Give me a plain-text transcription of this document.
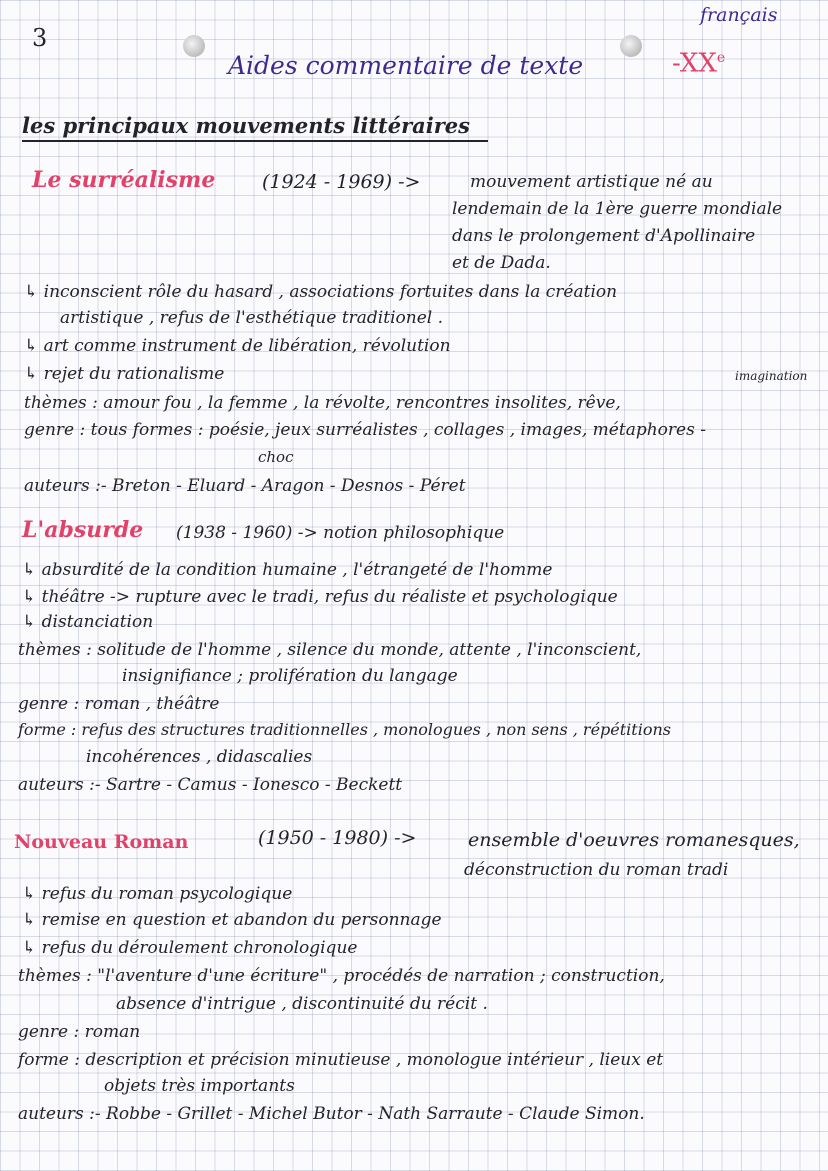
3
français
-XXe
Aides commentaire de texte
les principaux mouvements littéraires
Le surréalisme (1924 - 1969) ->	mouvement artistique né au
lendemain de la 1ère guerre mondiale
dans le prolongement d'Apollinaire
et de Dada.
↳ inconscient rôle du hasard , associations fortuites dans la création
artistique , refus de l'esthétique traditionel .
↳ art comme instrument de libération, révolution
↳ rejet du rationalisme	imagination
thèmes : amour fou , la femme , la révolte, rencontres insolites, rêve,
genre : tous formes : poésie, jeux surréalistes , collages , images, métaphores -
choc
auteurs :- Breton - Eluard - Aragon - Desnos - Péret
L'absurde (1938 - 1960) -> notion philosophique
↳ absurdité de la condition humaine , l'étrangeté de l'homme
↳ théâtre -> rupture avec le tradi, refus du réaliste et psychologique
↳ distanciation
thèmes : solitude de l'homme , silence du monde, attente , l'inconscient,
insignifiance ; prolifération du langage
genre : roman , théâtre
forme : refus des structures traditionnelles , monologues , non sens , répétitions
incohérences , didascalies
auteurs :- Sartre - Camus - Ionesco - Beckett
Nouveau Roman	(1950 - 1980) ->	ensemble d'oeuvres romanesques,
déconstruction du roman tradi
↳ refus du roman psycologique
↳ remise en question et abandon du personnage
↳ refus du déroulement chronologique
thèmes : "l'aventure d'une écriture" , procédés de narration ; construction,
absence d'intrigue , discontinuité du récit .
genre : roman
forme : description et précision minutieuse , monologue intérieur , lieux et
objets très importants
auteurs :- Robbe - Grillet - Michel Butor - Nath Sarraute - Claude Simon.
